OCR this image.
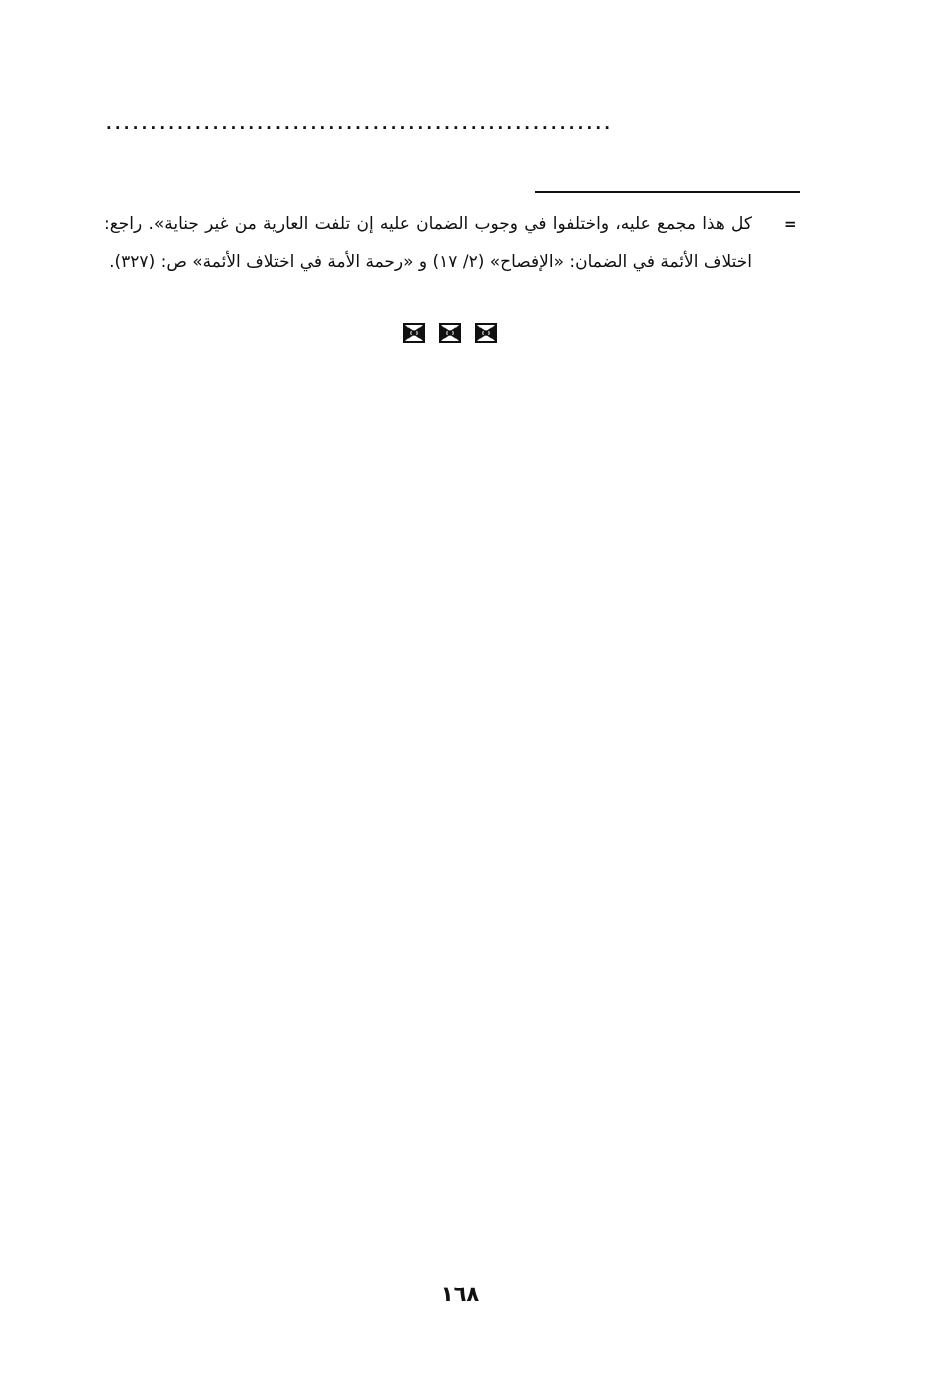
.........................................................
=

كل هذا مجمع عليه، واختلفوا في وجوب الضمان عليه إن تلفت العارية من غير جناية». راجع: اختلاف الأئمة في الضمان: «الإفصاح» (٢/ ١٧) و «رحمة الأمة في اختلاف الأئمة» ص: (٣٢٧).

١٦٨
